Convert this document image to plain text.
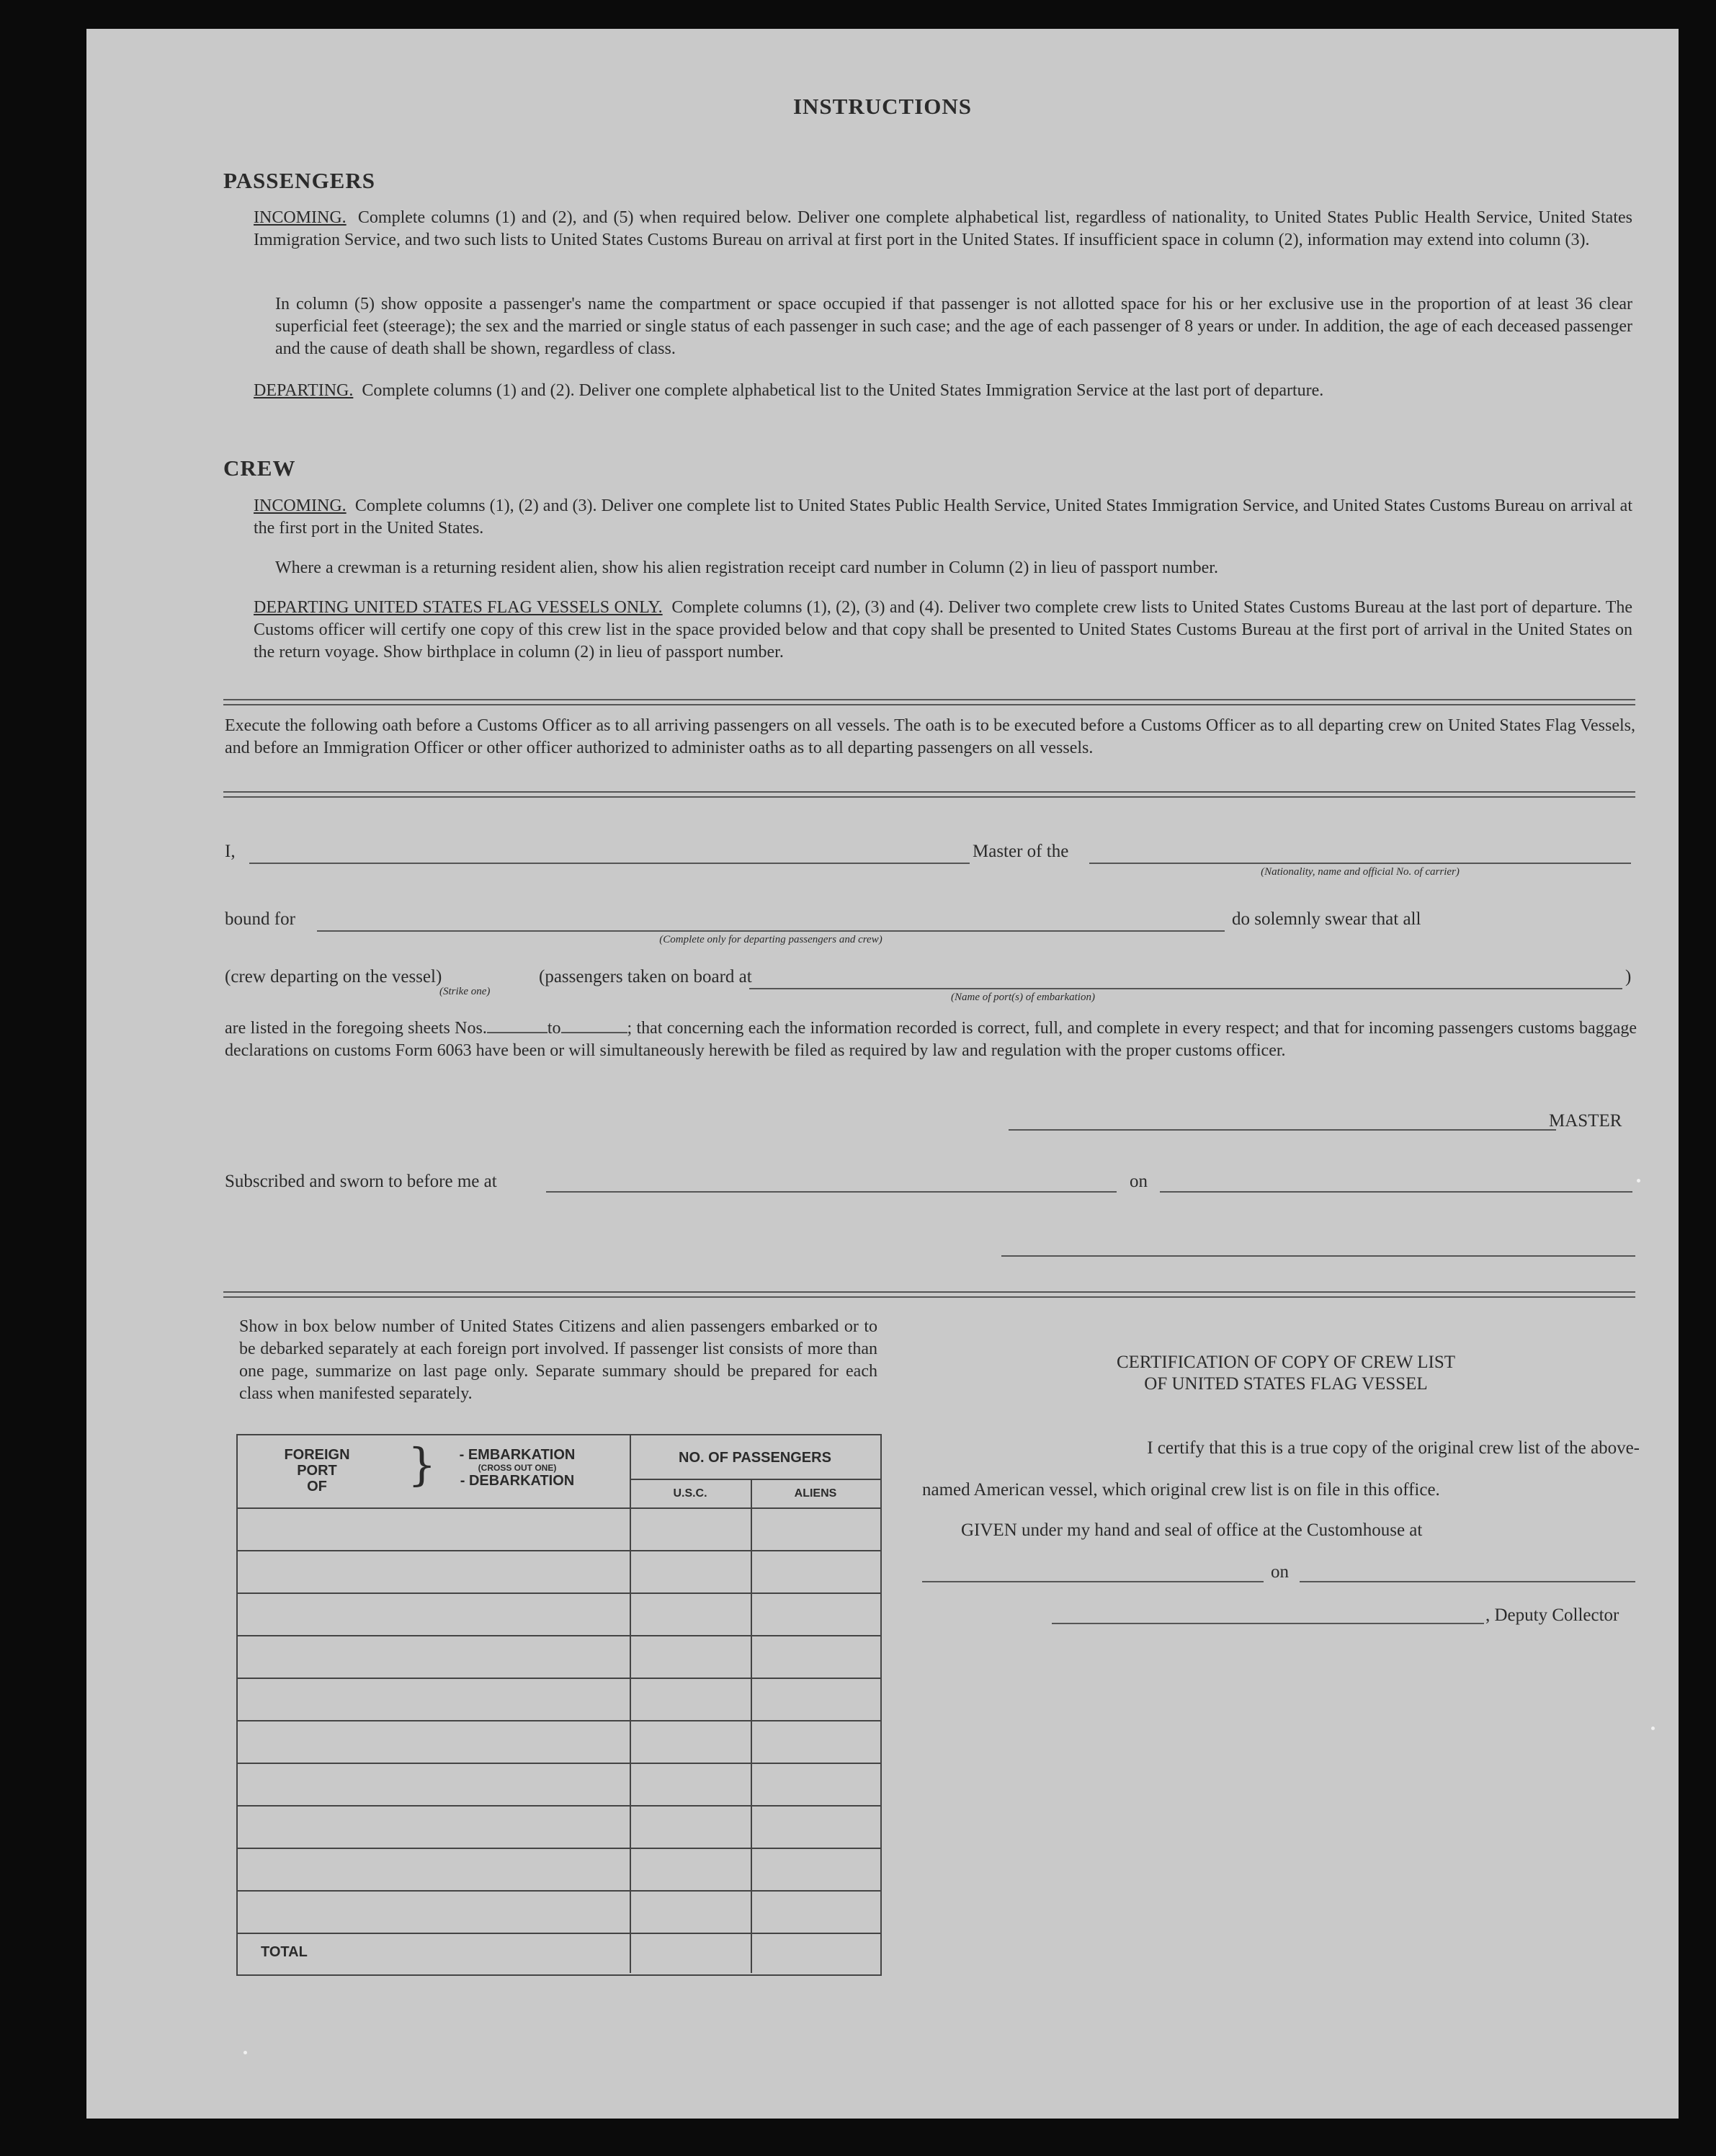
INSTRUCTIONS
PASSENGERS
INCOMING. Complete columns (1) and (2), and (5) when required below. Deliver one complete alphabetical list, regardless of nationality, to United States Public Health Service, United States Immigration Service, and two such lists to United States Customs Bureau on arrival at first port in the United States. If insufficient space in column (2), information may extend into column (3).
In column (5) show opposite a passenger's name the compartment or space occupied if that passenger is not allotted space for his or her exclusive use in the proportion of at least 36 clear superficial feet (steerage); the sex and the married or single status of each passenger in such case; and the age of each passenger of 8 years or under. In addition, the age of each deceased passenger and the cause of death shall be shown, regardless of class.
DEPARTING. Complete columns (1) and (2). Deliver one complete alphabetical list to the United States Immigration Service at the last port of departure.
CREW
INCOMING. Complete columns (1), (2) and (3). Deliver one complete list to United States Public Health Service, United States Immigration Service, and United States Customs Bureau on arrival at the first port in the United States.
Where a crewman is a returning resident alien, show his alien registration receipt card number in Column (2) in lieu of passport number.
DEPARTING UNITED STATES FLAG VESSELS ONLY. Complete columns (1), (2), (3) and (4). Deliver two complete crew lists to United States Customs Bureau at the last port of departure. The Customs officer will certify one copy of this crew list in the space provided below and that copy shall be presented to United States Customs Bureau at the first port of arrival in the United States on the return voyage. Show birthplace in column (2) in lieu of passport number.
Execute the following oath before a Customs Officer as to all arriving passengers on all vessels. The oath is to be executed before a Customs Officer as to all departing crew on United States Flag Vessels, and before an Immigration Officer or other officer authorized to administer oaths as to all departing passengers on all vessels.
I,	Master of the
(Nationality, name and official No. of carrier)
bound for
(Complete only for departing passengers and crew)
do solemnly swear that all
(crew departing on the vessel)
(Strike one)
(passengers taken on board at
(Name of port(s) of embarkation)
)
are listed in the foregoing sheets Nos.	to	; that concerning each the information recorded is correct, full, and complete in every respect; and that for incoming passengers customs baggage declarations on customs Form 6063 have been or will simultaneously herewith be filed as required by law and regulation with the proper customs officer.
MASTER
Subscribed and sworn to before me at	on
Show in box below number of United States Citizens and alien passengers embarked or to be debarked separately at each foreign port involved. If passenger list consists of more than one page, summarize on last page only. Separate summary should be prepared for each class when manifested separately.
FOREIGN
PORT
OF	}	- EMBARKATION
(CROSS OUT ONE)
- DEBARKATION
NO. OF PASSENGERS
U.S.C.	ALIENS
TOTAL
CERTIFICATION OF COPY OF CREW LIST
OF UNITED STATES FLAG VESSEL
I certify that this is a true copy of the original crew list of the above-
named American vessel, which original crew list is on file in this office.
GIVEN under my hand and seal of office at the Customhouse at
on
, Deputy Collector
